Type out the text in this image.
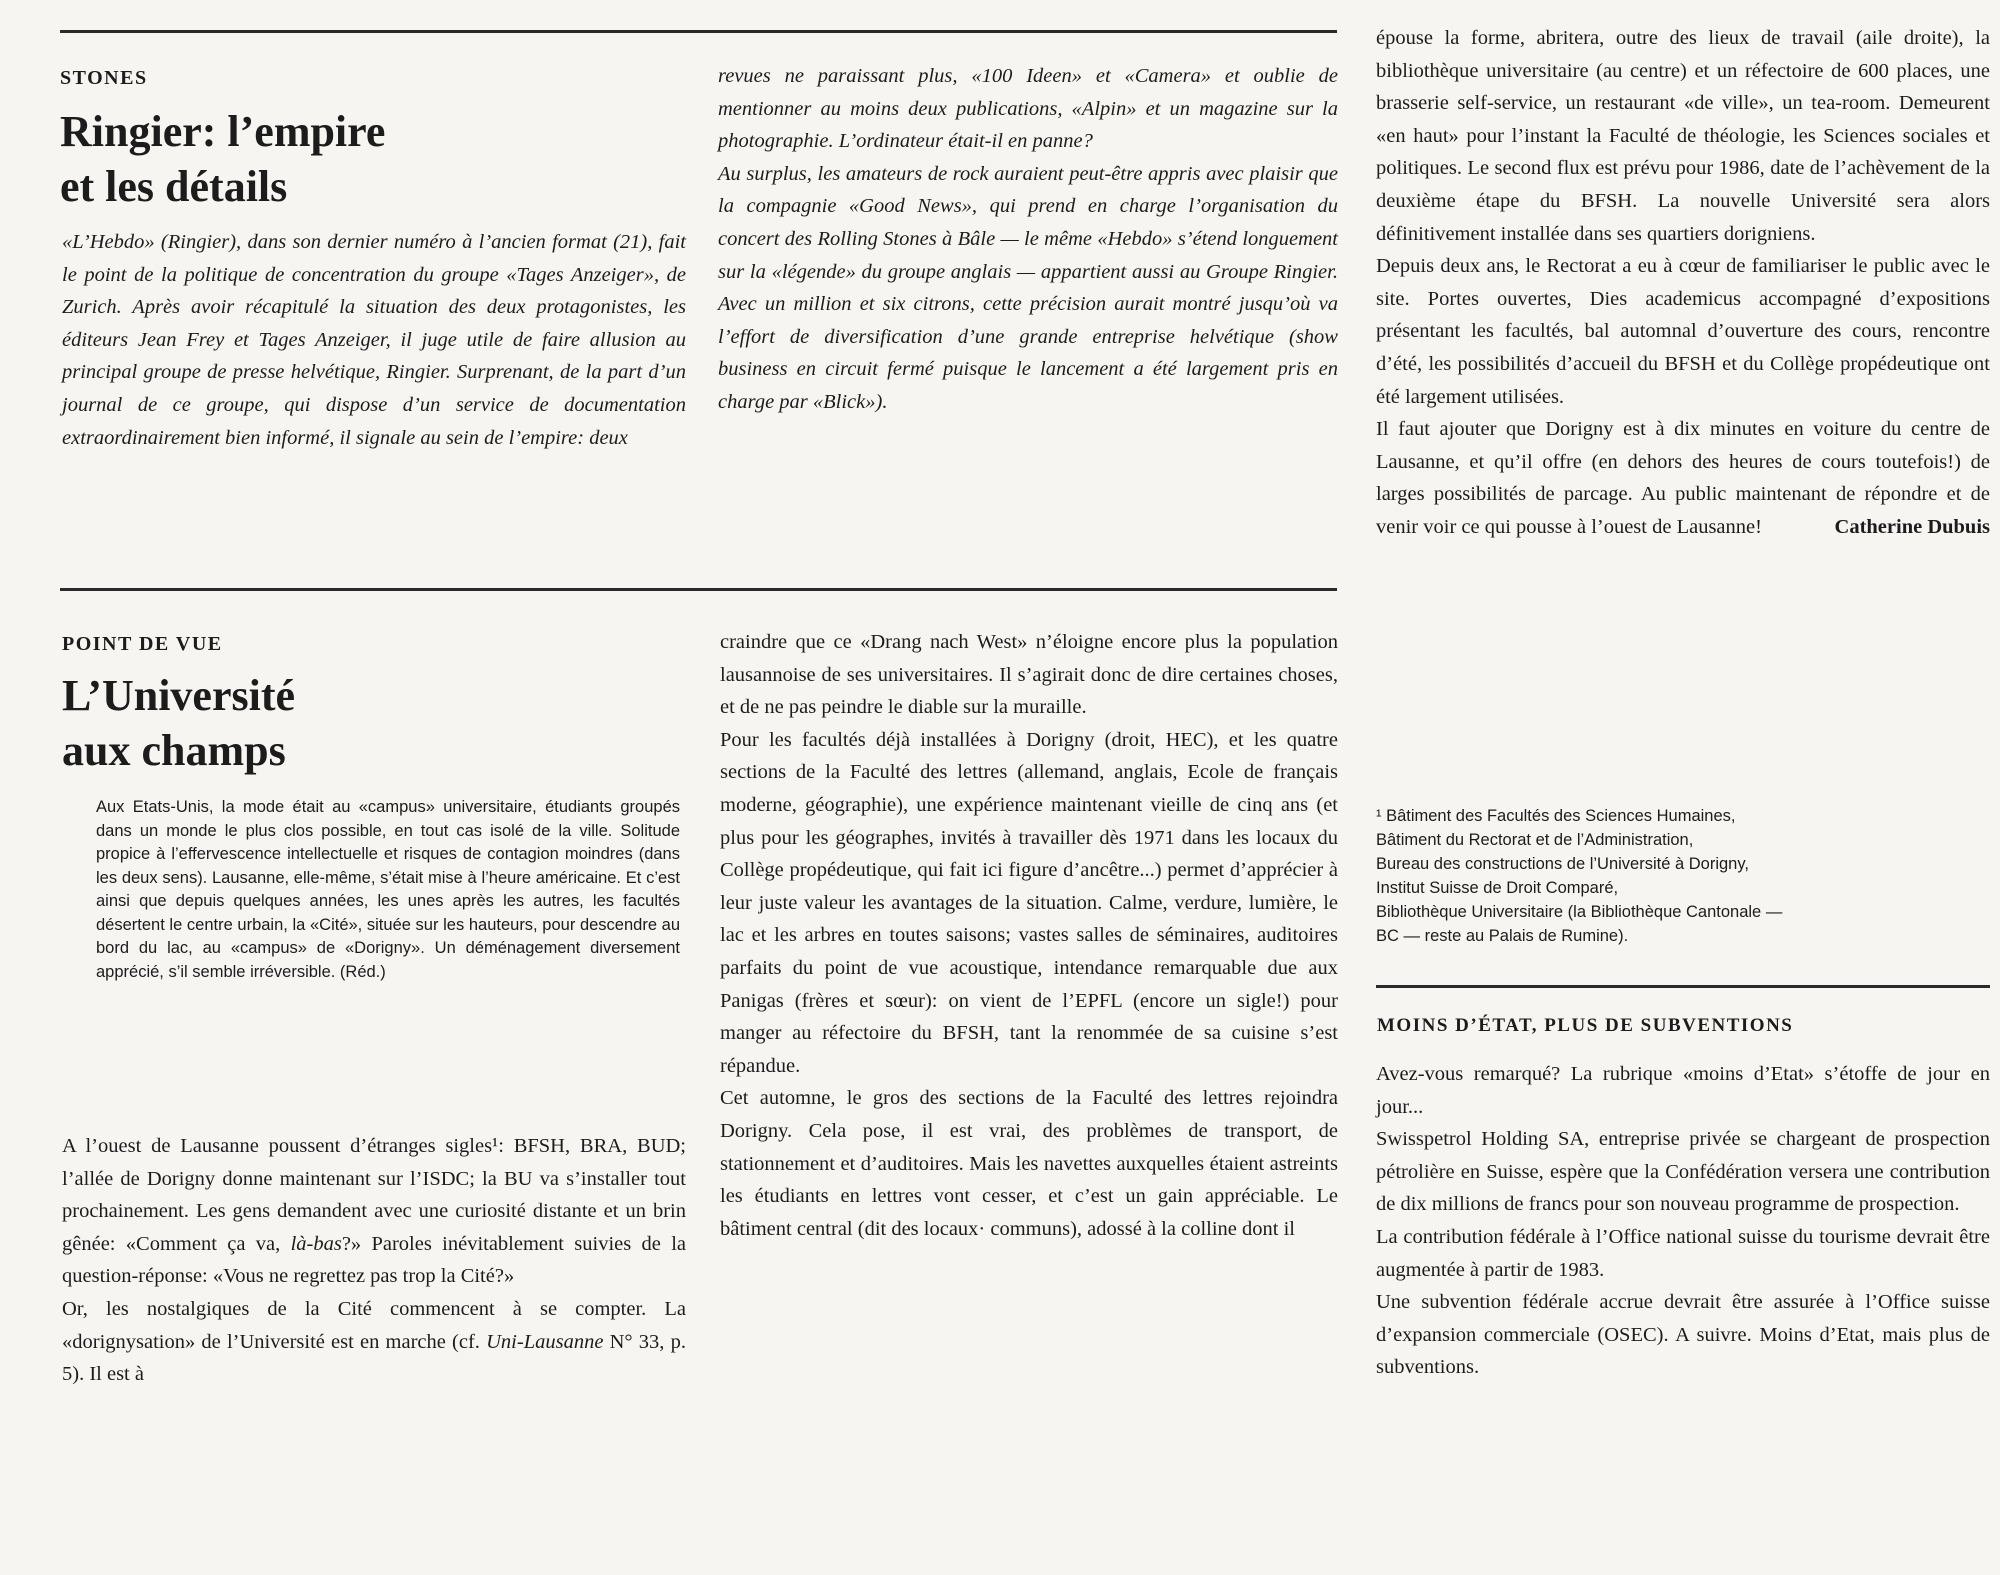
STONES
Ringier: l’empire
et les détails

«L’Hebdo» (Ringier), dans son dernier numéro à l’ancien format (21), fait le point de la politique de concentration du groupe «Tages Anzeiger», de Zurich. Après avoir récapitulé la situation des deux protagonistes, les éditeurs Jean Frey et Tages Anzeiger, il juge utile de faire allusion au principal groupe de presse helvétique, Ringier. Surprenant, de la part d’un journal de ce groupe, qui dispose d’un service de documentation extraordinairement bien informé, il signale au sein de l’empire: deux

revues ne paraissant plus, «100 Ideen» et «Camera» et oublie de mentionner au moins deux publications, «Alpin» et un magazine sur la photographie. L’ordinateur était-il en panne?

Au surplus, les amateurs de rock auraient peut-être appris avec plaisir que la compagnie «Good News», qui prend en charge l’organisation du concert des Rolling Stones à Bâle — le même «Hebdo» s’étend longuement sur la «légende» du groupe anglais — appartient aussi au Groupe Ringier. Avec un million et six citrons, cette précision aurait montré jusqu’où va l’effort de diversification d’une grande entreprise helvétique (show business en circuit fermé puisque le lancement a été largement pris en charge par «Blick»).

POINT DE VUE
L’Université
aux champs
Aux Etats-Unis, la mode était au «campus» universitaire, étudiants groupés dans un monde le plus clos possible, en tout cas isolé de la ville. Solitude propice à l’effervescence intellectuelle et risques de contagion moindres (dans les deux sens). Lausanne, elle-même, s’était mise à l’heure américaine. Et c’est ainsi que depuis quelques années, les unes après les autres, les facultés désertent le centre urbain, la «Cité», située sur les hauteurs, pour descendre au bord du lac, au «campus» de «Dorigny». Un déménagement diversement apprécié, s’il semble irréversible. (Réd.)

A l’ouest de Lausanne poussent d’étranges sigles¹: BFSH, BRA, BUD; l’allée de Dorigny donne maintenant sur l’ISDC; la BU va s’installer tout prochainement. Les gens demandent avec une curiosité distante et un brin gênée: «Comment ça va, là-bas?» Paroles inévitablement suivies de la question-réponse: «Vous ne regrettez pas trop la Cité?»

Or, les nostalgiques de la Cité commencent à se compter. La «dorignysation» de l’Université est en marche (cf. Uni-Lausanne N° 33, p. 5). Il est à

craindre que ce «Drang nach West» n’éloigne encore plus la population lausannoise de ses universitaires. Il s’agirait donc de dire certaines choses, et de ne pas peindre le diable sur la muraille.

Pour les facultés déjà installées à Dorigny (droit, HEC), et les quatre sections de la Faculté des lettres (allemand, anglais, Ecole de français moderne, géographie), une expérience maintenant vieille de cinq ans (et plus pour les géographes, invités à travailler dès 1971 dans les locaux du Collège propédeutique, qui fait ici figure d’ancêtre...) permet d’apprécier à leur juste valeur les avantages de la situation. Calme, verdure, lumière, le lac et les arbres en toutes saisons; vastes salles de séminaires, auditoires parfaits du point de vue acoustique, intendance remarquable due aux Panigas (frères et sœur): on vient de l’EPFL (encore un sigle!) pour manger au réfectoire du BFSH, tant la renommée de sa cuisine s’est répandue.

Cet automne, le gros des sections de la Faculté des lettres rejoindra Dorigny. Cela pose, il est vrai, des problèmes de transport, de stationnement et d’auditoires. Mais les navettes auxquelles étaient astreints les étudiants en lettres vont cesser, et c’est un gain appréciable. Le bâtiment central (dit des locaux· communs), adossé à la colline dont il

épouse la forme, abritera, outre des lieux de travail (aile droite), la bibliothèque universitaire (au centre) et un réfectoire de 600 places, une brasserie self-service, un restaurant «de ville», un tea-room. Demeurent «en haut» pour l’instant la Faculté de théologie, les Sciences sociales et politiques. Le second flux est prévu pour 1986, date de l’achèvement de la deuxième étape du BFSH. La nouvelle Université sera alors définitivement installée dans ses quartiers dorigniens.

Depuis deux ans, le Rectorat a eu à cœur de familiariser le public avec le site. Portes ouvertes, Dies academicus accompagné d’expositions présentant les facultés, bal automnal d’ouverture des cours, rencontre d’été, les possibilités d’accueil du BFSH et du Collège propédeutique ont été largement utilisées.

Il faut ajouter que Dorigny est à dix minutes en voiture du centre de Lausanne, et qu’il offre (en dehors des heures de cours toutefois!) de larges possibilités de parcage. Au public maintenant de répondre et de venir voir ce qui pousse à l’ouest de Lausanne!	Catherine Dubuis

¹ Bâtiment des Facultés des Sciences Humaines,

Bâtiment du Rectorat et de l’Administration,

Bureau des constructions de l’Université à Dorigny,

Institut Suisse de Droit Comparé,

Bibliothèque Universitaire (la Bibliothèque Cantonale —

BC — reste au Palais de Rumine).

MOINS D’ÉTAT, PLUS DE SUBVENTIONS

Avez-vous remarqué? La rubrique «moins d’Etat» s’étoffe de jour en jour...

Swisspetrol Holding SA, entreprise privée se chargeant de prospection pétrolière en Suisse, espère que la Confédération versera une contribution de dix millions de francs pour son nouveau programme de prospection.

La contribution fédérale à l’Office national suisse du tourisme devrait être augmentée à partir de 1983.

Une subvention fédérale accrue devrait être assurée à l’Office suisse d’expansion commerciale (OSEC). A suivre. Moins d’Etat, mais plus de subventions.
